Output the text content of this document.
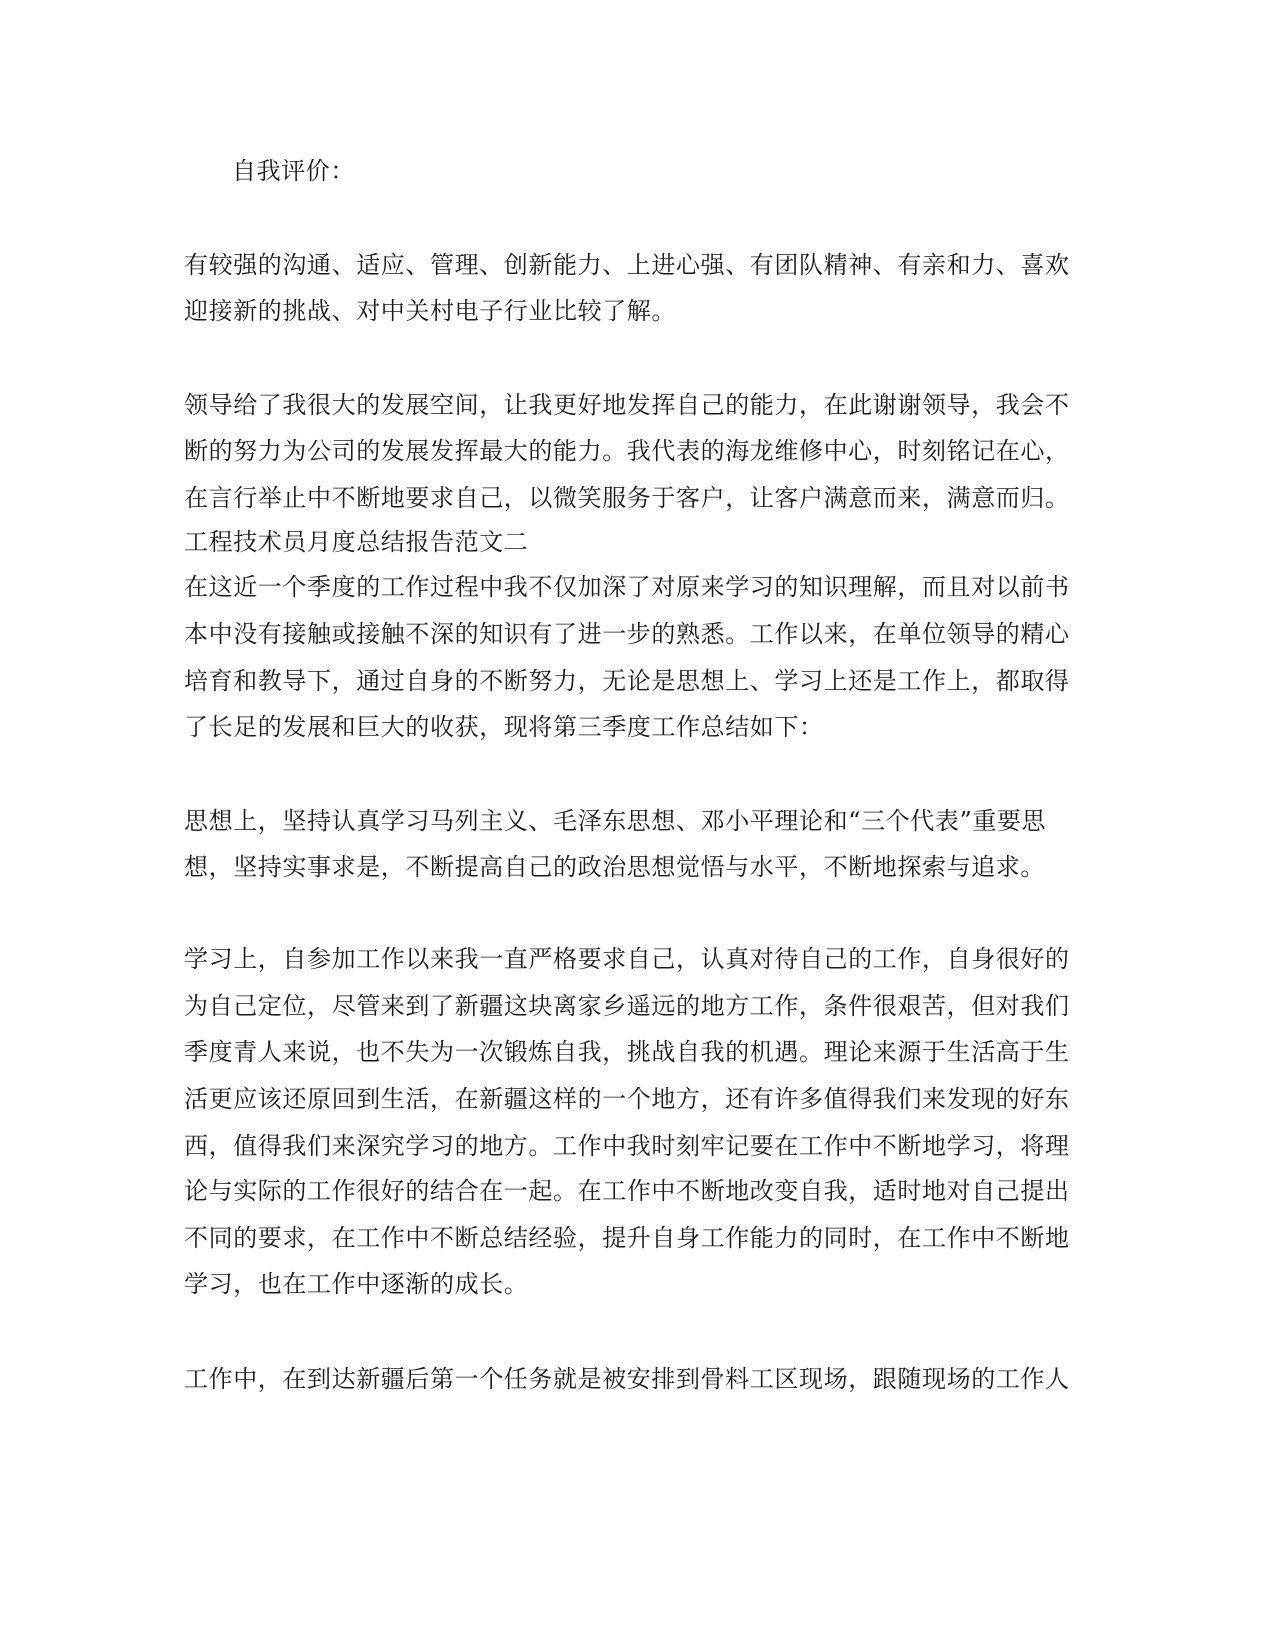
自我评价：
有较强的沟通、适应、管理、创新能力、上进心强、有团队精神、有亲和力、喜欢
迎接新的挑战、对中关村电子行业比较了解。
领导给了我很大的发展空间，让我更好地发挥自己的能力，在此谢谢领导，我会不
断的努力为公司的发展发挥最大的能力。我代表的海龙维修中心，时刻铭记在心，
在言行举止中不断地要求自己，以微笑服务于客户，让客户满意而来，满意而归。
工程技术员月度总结报告范文二
在这近一个季度的工作过程中我不仅加深了对原来学习的知识理解，而且对以前书
本中没有接触或接触不深的知识有了进一步的熟悉。工作以来，在单位领导的精心
培育和教导下，通过自身的不断努力，无论是思想上、学习上还是工作上，都取得
了长足的发展和巨大的收获，现将第三季度工作总结如下：
思想上，坚持认真学习马列主义、毛泽东思想、邓小平理论和“三个代表”重要思
想，坚持实事求是，不断提高自己的政治思想觉悟与水平，不断地探索与追求。
学习上，自参加工作以来我一直严格要求自己，认真对待自己的工作，自身很好的
为自己定位，尽管来到了新疆这块离家乡遥远的地方工作，条件很艰苦，但对我们
季度青人来说，也不失为一次锻炼自我，挑战自我的机遇。理论来源于生活高于生
活更应该还原回到生活，在新疆这样的一个地方，还有许多值得我们来发现的好东
西，值得我们来深究学习的地方。工作中我时刻牢记要在工作中不断地学习，将理
论与实际的工作很好的结合在一起。在工作中不断地改变自我，适时地对自己提出
不同的要求，在工作中不断总结经验，提升自身工作能力的同时，在工作中不断地
学习，也在工作中逐渐的成长。
工作中，在到达新疆后第一个任务就是被安排到骨料工区现场，跟随现场的工作人
